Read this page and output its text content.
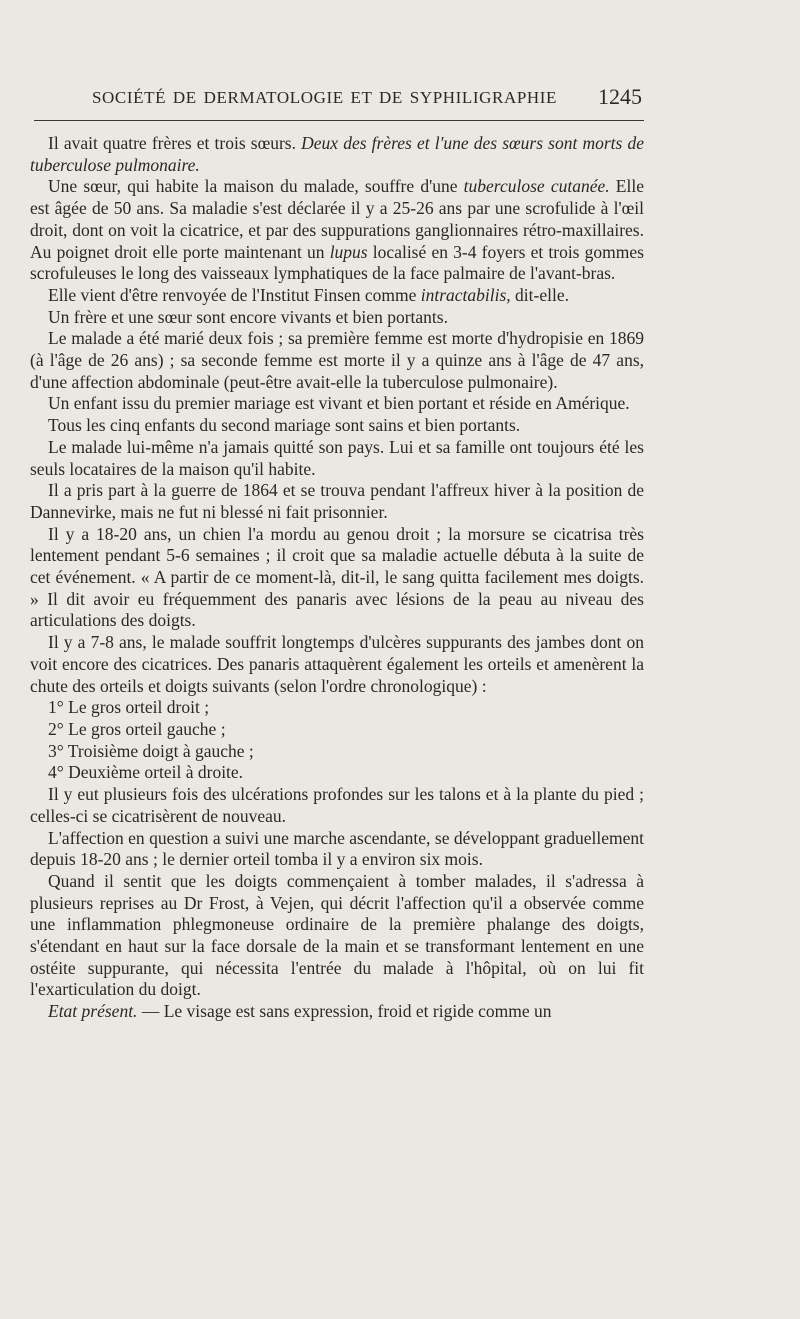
SOCIÉTÉ DE DERMATOLOGIE ET DE SYPHILIGRAPHIE 1245

Il avait quatre frères et trois sœurs. Deux des frères et l'une des sœurs sont morts de tuberculose pulmonaire.

Une sœur, qui habite la maison du malade, souffre d'une tuberculose cutanée. Elle est âgée de 50 ans. Sa maladie s'est déclarée il y a 25-26 ans par une scrofulide à l'œil droit, dont on voit la cicatrice, et par des suppurations ganglionnaires rétro-maxillaires. Au poignet droit elle porte maintenant un lupus localisé en 3-4 foyers et trois gommes scrofuleuses le long des vaisseaux lymphatiques de la face palmaire de l'avant-bras.

Elle vient d'être renvoyée de l'Institut Finsen comme intractabilis, dit-elle.

Un frère et une sœur sont encore vivants et bien portants.

Le malade a été marié deux fois ; sa première femme est morte d'hydropisie en 1869 (à l'âge de 26 ans) ; sa seconde femme est morte il y a quinze ans à l'âge de 47 ans, d'une affection abdominale (peut-être avait-elle la tuberculose pulmonaire).

Un enfant issu du premier mariage est vivant et bien portant et réside en Amérique.

Tous les cinq enfants du second mariage sont sains et bien portants.

Le malade lui-même n'a jamais quitté son pays. Lui et sa famille ont toujours été les seuls locataires de la maison qu'il habite.

Il a pris part à la guerre de 1864 et se trouva pendant l'affreux hiver à la position de Dannevirke, mais ne fut ni blessé ni fait prisonnier.

Il y a 18-20 ans, un chien l'a mordu au genou droit ; la morsure se cicatrisa très lentement pendant 5-6 semaines ; il croit que sa maladie actuelle débuta à la suite de cet événement. « A partir de ce moment-là, dit-il, le sang quitta facilement mes doigts. » Il dit avoir eu fréquemment des panaris avec lésions de la peau au niveau des articulations des doigts.

Il y a 7-8 ans, le malade souffrit longtemps d'ulcères suppurants des jambes dont on voit encore des cicatrices. Des panaris attaquèrent également les orteils et amenèrent la chute des orteils et doigts suivants (selon l'ordre chronologique) :

1° Le gros orteil droit ;

2° Le gros orteil gauche ;

3° Troisième doigt à gauche ;

4° Deuxième orteil à droite.

Il y eut plusieurs fois des ulcérations profondes sur les talons et à la plante du pied ; celles-ci se cicatrisèrent de nouveau.

L'affection en question a suivi une marche ascendante, se développant graduellement depuis 18-20 ans ; le dernier orteil tomba il y a environ six mois.

Quand il sentit que les doigts commençaient à tomber malades, il s'adressa à plusieurs reprises au Dr Frost, à Vejen, qui décrit l'affection qu'il a observée comme une inflammation phlegmoneuse ordinaire de la première phalange des doigts, s'étendant en haut sur la face dorsale de la main et se transformant lentement en une ostéite suppurante, qui nécessita l'entrée du malade à l'hôpital, où on lui fit l'exarticulation du doigt.

Etat présent. — Le visage est sans expression, froid et rigide comme un
